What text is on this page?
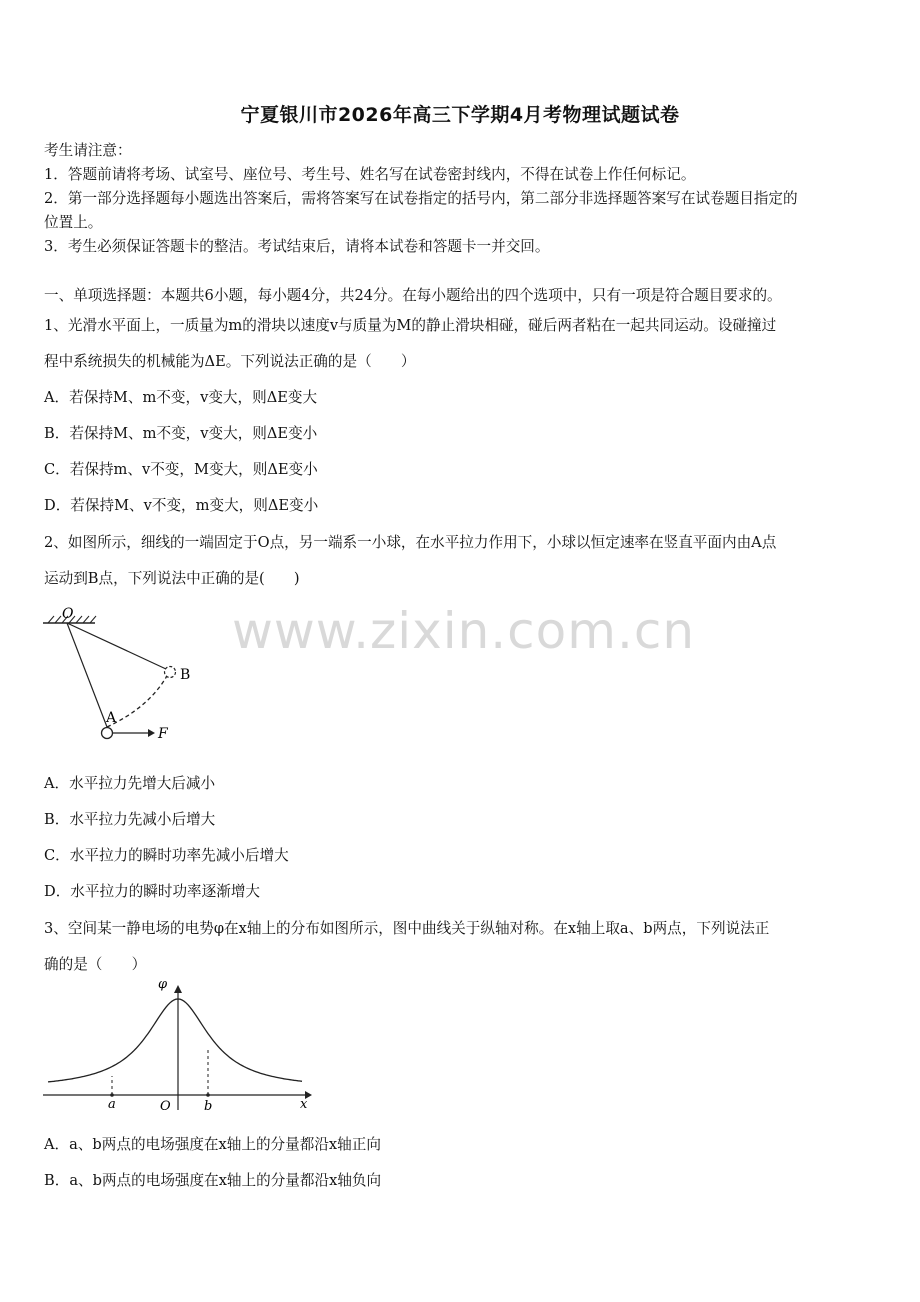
宁夏银川市2026年高三下学期4月考物理试题试卷
考生请注意：
1．答题前请将考场、试室号、座位号、考生号、姓名写在试卷密封线内，不得在试卷上作任何标记。
2．第一部分选择题每小题选出答案后，需将答案写在试卷指定的括号内，第二部分非选择题答案写在试卷题目指定的
位置上。
3．考生必须保证答题卡的整洁。考试结束后，请将本试卷和答题卡一并交回。
一、单项选择题：本题共6小题，每小题4分，共24分。在每小题给出的四个选项中，只有一项是符合题目要求的。
1、光滑水平面上，一质量为m的滑块以速度v与质量为M的静止滑块相碰，碰后两者粘在一起共同运动。设碰撞过
程中系统损失的机械能为ΔE。下列说法正确的是（　　）
A．若保持M、m不变，v变大，则ΔE变大
B．若保持M、m不变，v变大，则ΔE变小
C．若保持m、v不变，M变大，则ΔE变小
D．若保持M、v不变，m变大，则ΔE变小
2、如图所示，细线的一端固定于O点，另一端系一小球，在水平拉力作用下，小球以恒定速率在竖直平面内由A点
运动到B点，下列说法中正确的是(　　)
O
B
A
F
www.zixin.com.cn
A．水平拉力先增大后减小
B．水平拉力先减小后增大
C．水平拉力的瞬时功率先减小后增大
D．水平拉力的瞬时功率逐渐增大
3、空间某一静电场的电势φ在x轴上的分布如图所示，图中曲线关于纵轴对称。在x轴上取a、b两点，下列说法正
确的是（　　）
φ
O	x
a	b
A．a、b两点的电场强度在x轴上的分量都沿x轴正向
B．a、b两点的电场强度在x轴上的分量都沿x轴负向
